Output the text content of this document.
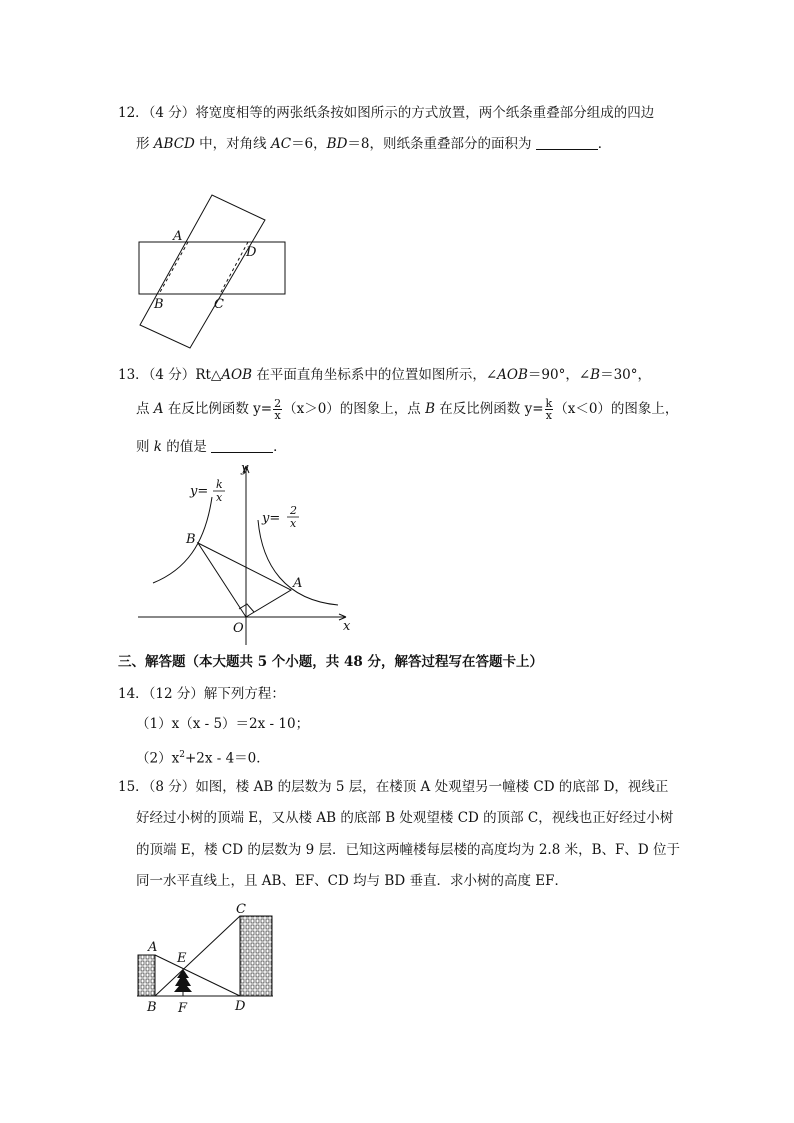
12．（4 分）将宽度相等的两张纸条按如图所示的方式放置，两个纸条重叠部分组成的四边
形 ABCD 中，对角线 AC＝6，BD＝8，则纸条重叠部分的面积为	．
A
D
B	C
13．（4 分）Rt△AOB 在平面直角坐标系中的位置如图所示，∠AOB＝90°，∠B＝30°，
点 A 在反比例函数 $y= \frac{2}{x} (x>0)$的图象上，点 B 在反比例函数 $y= \frac{k}{x} (x<0)$的图象上，
则 k 的值是	．
y
x
O
A
B
y= k
x
y=
2
x
三、解答题（本大题共 5 个小题，共 48 分，解答过程写在答题卡上）
14．（12 分）解下列方程：
（1）x（x - 5）＝2x - 10；
$(2)x^2+2x - 4=0$．
15．（8 分）如图，楼 AB 的层数为 5 层，在楼顶 A 处观望另一幢楼 CD 的底部 D，视线正
好经过小树的顶端 E，又从楼 AB 的底部 B 处观望楼 CD 的顶部 C，视线也正好经过小树
的顶端 E，楼 CD 的层数为 9 层．已知这两幢楼每层楼的高度均为 2.8 米，B、F、D 位于
同一水平直线上，且 AB、EF、CD 均与 BD 垂直．求小树的高度 EF．
A
B
C
D
E
F
